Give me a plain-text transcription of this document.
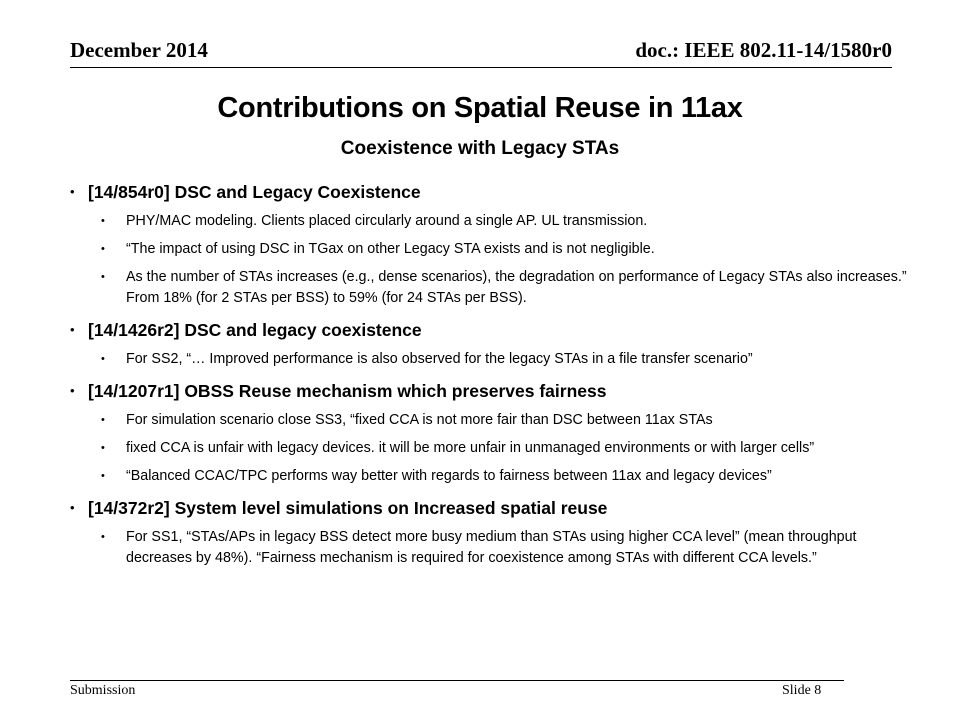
December 2014	doc.: IEEE 802.11-14/1580r0
Contributions on Spatial Reuse in 11ax
Coexistence with Legacy STAs
• [14/854r0] DSC and Legacy Coexistence
• PHY/MAC modeling. Clients placed circularly around a single AP. UL transmission.
• “The impact of using DSC in TGax on other Legacy STA exists and is not negligible.
• As the number of STAs increases (e.g., dense scenarios), the degradation on performance of Legacy STAs also increases.” From 18% (for 2 STAs per BSS) to 59% (for 24 STAs per BSS).
• [14/1426r2] DSC and legacy coexistence
• For SS2, “… Improved performance is also observed for the legacy STAs in a file transfer scenario”
• [14/1207r1] OBSS Reuse mechanism which preserves fairness
• For simulation scenario close SS3, “fixed CCA is not more fair than DSC between 11ax STAs
• fixed CCA is unfair with legacy devices. it will be more unfair in unmanaged environments or with larger cells”
• “Balanced CCAC/TPC performs way better with regards to fairness between 11ax and legacy devices”
• [14/372r2] System level simulations on Increased spatial reuse
• For SS1, “STAs/APs in legacy BSS detect more busy medium than STAs using higher CCA level” (mean throughput decreases by 48%). “Fairness mechanism is required for coexistence among STAs with different CCA levels.”
Submission	Slide 8
